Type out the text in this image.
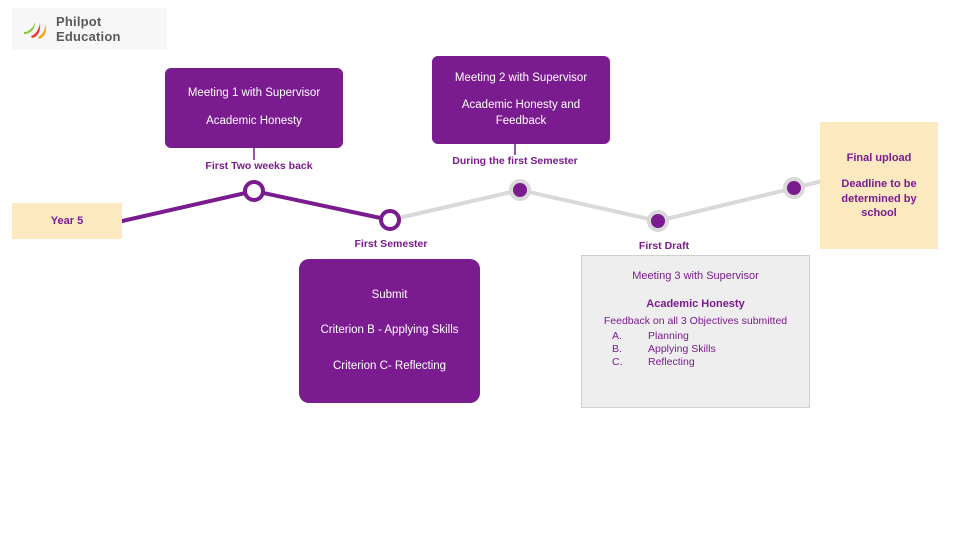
Philpot Education
Meeting 1 with Supervisor
Academic Honesty
Meeting 2 with Supervisor
Academic Honesty and
Feedback
Submit
Criterion B - Applying Skills
Criterion C- Reflecting
Meeting 3 with Supervisor
Academic Honesty
Feedback on all 3 Objectives submitted
A.	Planning
B.	Applying Skills
C.	Reflecting
Year 5
Final upload
Deadline to be determined by school
First Two weeks back	During the first Semester
First Semester	First Draft
